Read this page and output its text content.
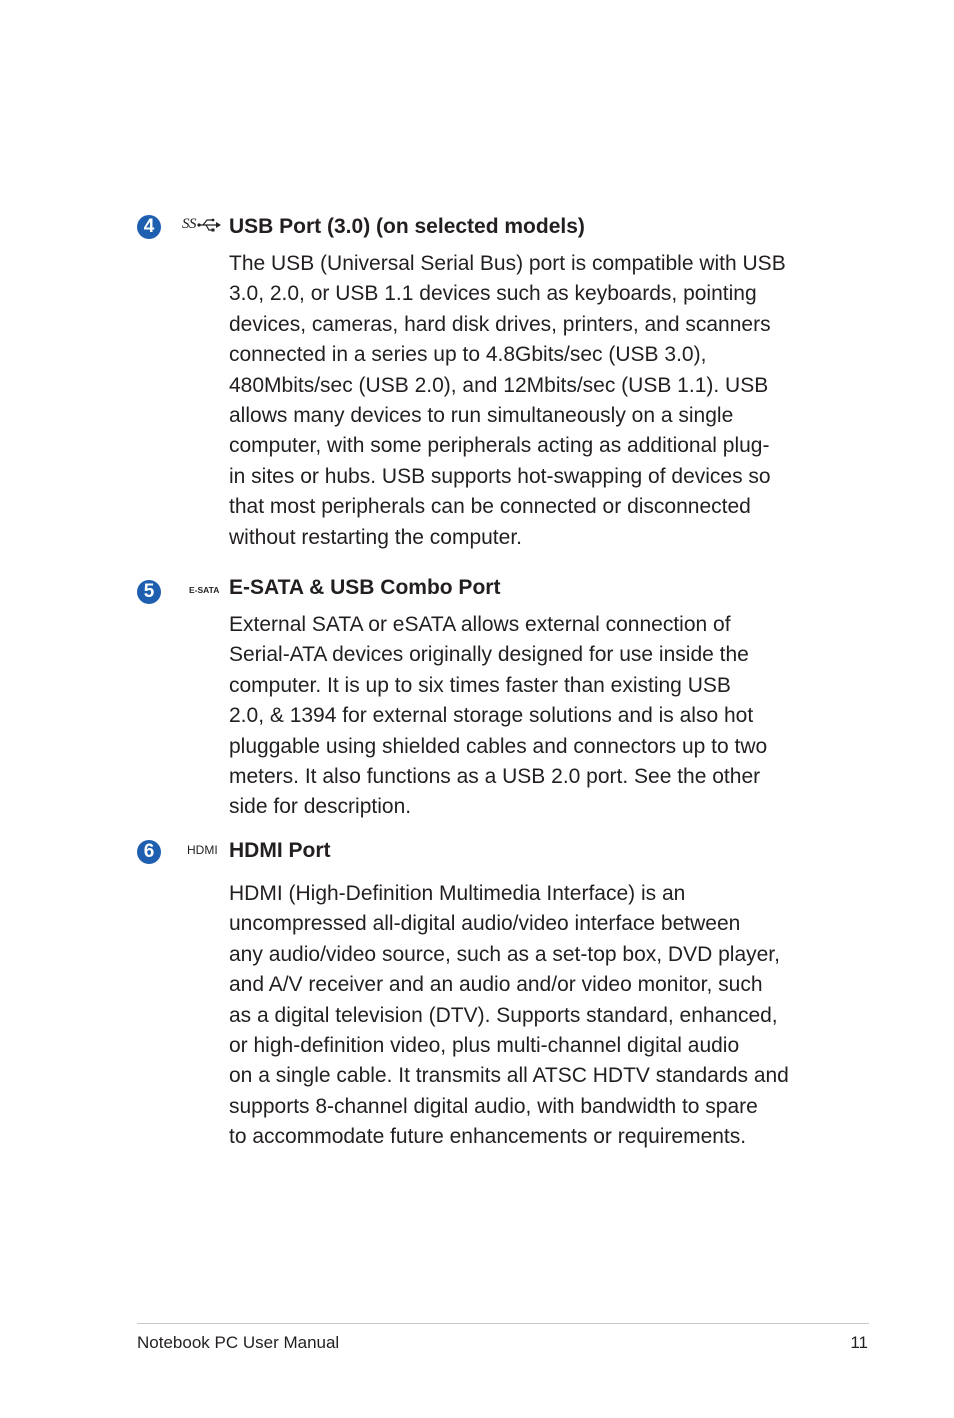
4	SS USB Port (3.0) (on selected models)
The USB (Universal Serial Bus) port is compatible with USB
3.0, 2.0, or USB 1.1 devices such as keyboards, pointing
devices, cameras, hard disk drives, printers, and scanners
connected in a series up to 4.8Gbits/sec (USB 3.0),
480Mbits/sec (USB 2.0), and 12Mbits/sec (USB 1.1). USB
allows many devices to run simultaneously on a single
computer, with some peripherals acting as additional plug-
in sites or hubs. USB supports hot-swapping of devices so
that most peripherals can be connected or disconnected
without restarting the computer.
5	E-SATA E-SATA & USB Combo Port
External SATA or eSATA allows external connection of
Serial-ATA devices originally designed for use inside the
computer. It is up to six times faster than existing USB
2.0, & 1394 for external storage solutions and is also hot
pluggable using shielded cables and connectors up to two
meters. It also functions as a USB 2.0 port. See the other
side for description.
6	HDMI HDMI Port
HDMI (High-Definition Multimedia Interface) is an
uncompressed all-digital audio/video interface between
any audio/video source, such as a set-top box, DVD player,
and A/V receiver and an audio and/or video monitor, such
as a digital television (DTV). Supports standard, enhanced,
or high-definition video, plus multi-channel digital audio
on a single cable. It transmits all ATSC HDTV standards and
supports 8-channel digital audio, with bandwidth to spare
to accommodate future enhancements or requirements.
Notebook PC User Manual	11
